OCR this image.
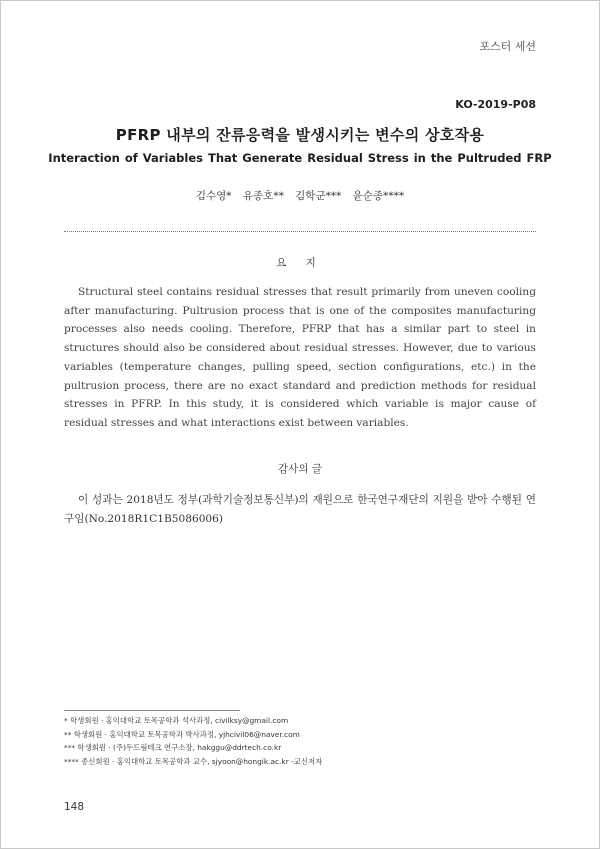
포스터 세션
KO-2019-P08
PFRP 내부의 잔류응력을 발생시키는 변수의 상호작용
Interaction of Variables That Generate Residual Stress in the Pultruded FRP
김수영* 유종호** 김학군*** 윤순종****
요 지

Structural steel contains residual stresses that result primarily from uneven cooling after manufacturing. Pultrusion process that is one of the composites manufacturing processes also needs cooling. Therefore, PFRP that has a similar part to steel in structures should also be considered about residual stresses. However, due to various variables (temperature changes, pulling speed, section configurations, etc.) in the pultrusion process, there are no exact standard and prediction methods for residual stresses in PFRP. In this study, it is considered which variable is major cause of residual stresses and what interactions exist between variables.

감사의 글

이 성과는 2018년도 정부(과학기술정보통신부)의 재원으로 한국연구재단의 지원을 받아 수행된 연구임(No.2018R1C1B5086006)

* 학생회원 · 홍익대학교 토목공학과 석사과정, civilksy@gmail.com
** 학생회원 · 홍익대학교 토목공학과 박사과정, yjhcivil06@naver.com
*** 학생회원 · (주)두드림테크 연구소장, hakggu@ddrtech.co.kr
**** 종신회원 · 홍익대학교 토목공학과 교수, sjyoon@hongik.ac.kr -교신저자
148
